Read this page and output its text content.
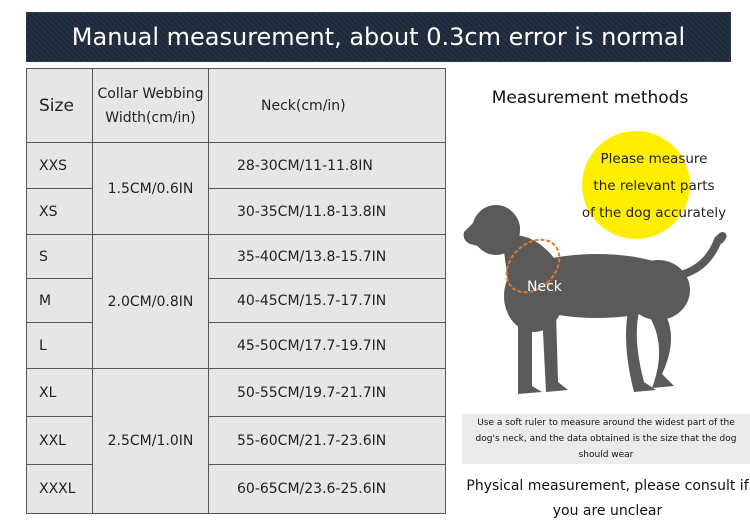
Manual measurement, about 0.3cm error is normal
Size	Collar Webbing Width(cm/in)	Neck(cm/in)
XXS	1.5CM/0.6IN	28-30CM/11-11.8IN
XS		30-35CM/11.8-13.8IN
S	2.0CM/0.8IN	35-40CM/13.8-15.7IN
M		40-45CM/15.7-17.7IN
L		45-50CM/17.7-19.7IN
XL	2.5CM/1.0IN	50-55CM/19.7-21.7IN
XXL		55-60CM/21.7-23.6IN
XXXL		60-65CM/23.6-25.6IN
Measurement methods
Please measure
the relevant parts
of the dog accurately
Neck
Use a soft ruler to measure around the widest part of the dog's neck, and the data obtained is the size that the dog should wear
Physical measurement, please consult if
you are unclear
